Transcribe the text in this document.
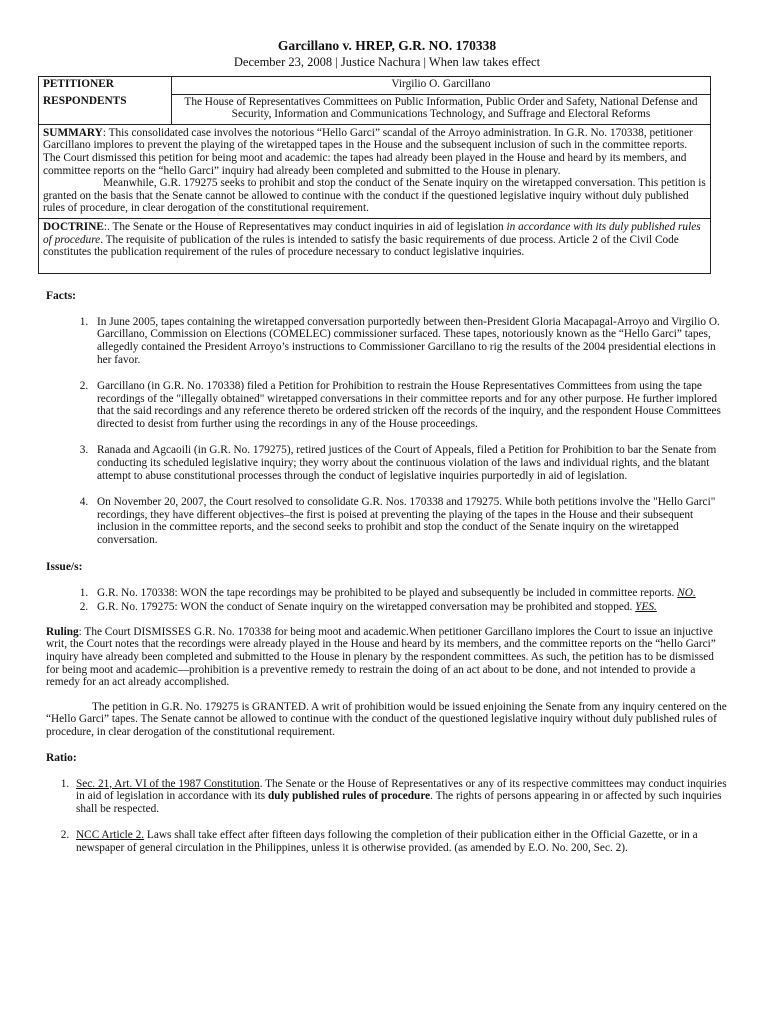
Garcillano v. HREP, G.R. NO. 170338
December 23, 2008 | Justice Nachura | When law takes effect
PETITIONER	Virgilio O. Garcillano
RESPONDENTS	The House of Representatives Committees on Public Information, Public Order and Safety, National Defense and Security, Information and Communications Technology, and Suffrage and Electoral Reforms

SUMMARY: This consolidated case involves the notorious “Hello Garci” scandal of the Arroyo administration. In G.R. No. 170338, petitioner Garcillano implores to prevent the playing of the wiretapped tapes in the House and the subsequent inclusion of such in the committee reports. The Court dismissed this petition for being moot and academic: the tapes had already been played in the House and heard by its members, and committee reports on the “hello Garci” inquiry had already been completed and submitted to the House in plenary.
Meanwhile, G.R. 179275 seeks to prohibit and stop the conduct of the Senate inquiry on the wiretapped conversation. This petition is granted on the basis that the Senate cannot be allowed to continue with the conduct if the questioned legislative inquiry without duly published rules of procedure, in clear derogation of the constitutional requirement.	

DOCTRINE:. The Senate or the House of Representatives may conduct inquiries in aid of legislation in accordance with its duly published rules of procedure. The requisite of publication of the rules is intended to satisfy the basic requirements of due process. Article 2 of the Civil Code constitutes the publication requirement of the rules of procedure necessary to conduct legislative inquiries.	
Facts:
1. In June 2005, tapes containing the wiretapped conversation purportedly between then-President Gloria Macapagal-Arroyo and Virgilio O. Garcillano, Commission on Elections (COMELEC) commissioner surfaced. These tapes, notoriously known as the “Hello Garci” tapes, allegedly contained the President Arroyo’s instructions to Commissioner Garcillano to rig the results of the 2004 presidential elections in her favor.
2. Garcillano (in G.R. No. 170338) filed a Petition for Prohibition to restrain the House Representatives Committees from using the tape recordings of the "illegally obtained" wiretapped conversations in their committee reports and for any other purpose. He further implored that the said recordings and any reference thereto be ordered stricken off the records of the inquiry, and the respondent House Committees directed to desist from further using the recordings in any of the House proceedings.
3. Ranada and Agcaoili (in G.R. No. 179275), retired justices of the Court of Appeals, filed a Petition for Prohibition to bar the Senate from conducting its scheduled legislative inquiry; they worry about the continuous violation of the laws and individual rights, and the blatant attempt to abuse constitutional processes through the conduct of legislative inquiries purportedly in aid of legislation.
4. On November 20, 2007, the Court resolved to consolidate G.R. Nos. 170338 and 179275. While both petitions involve the "Hello Garci" recordings, they have different objectives–the first is poised at preventing the playing of the tapes in the House and their subsequent inclusion in the committee reports, and the second seeks to prohibit and stop the conduct of the Senate inquiry on the wiretapped conversation.
Issue/s:
1. G.R. No. 170338: WON the tape recordings may be prohibited to be played and subsequently be included in committee reports. NO.
2. G.R. No. 179275: WON the conduct of Senate inquiry on the wiretapped conversation may be prohibited and stopped. YES.

Ruling: The Court DISMISSES G.R. No. 170338 for being moot and academic.When petitioner Garcillano implores the Court to issue an injuctive writ, the Court notes that the recordings were already played in the House and heard by its members, and the committee reports on the “hello Garci” inquiry have already been completed and submitted to the House in plenary by the respondent committees. As such, the petition has to be dismissed for being moot and academic—prohibition is a preventive remedy to restrain the doing of an act about to be done, and not intended to provide a remedy for an act already accomplished.

The petition in G.R. No. 179275 is GRANTED. A writ of prohibition would be issued enjoining the Senate from any inquiry centered on the “Hello Garci” tapes. The Senate cannot be allowed to continue with the conduct of the questioned legislative inquiry without duly published rules of procedure, in clear derogation of the constitutional requirement.

Ratio:
1. Sec. 21, Art. VI of the 1987 Constitution. The Senate or the House of Representatives or any of its respective committees may conduct inquiries in aid of legislation in accordance with its duly published rules of procedure. The rights of persons appearing in or affected by such inquiries shall be respected.
2. NCC Article 2. Laws shall take effect after fifteen days following the completion of their publication either in the Official Gazette, or in a newspaper of general circulation in the Philippines, unless it is otherwise provided. (as amended by E.O. No. 200, Sec. 2).
